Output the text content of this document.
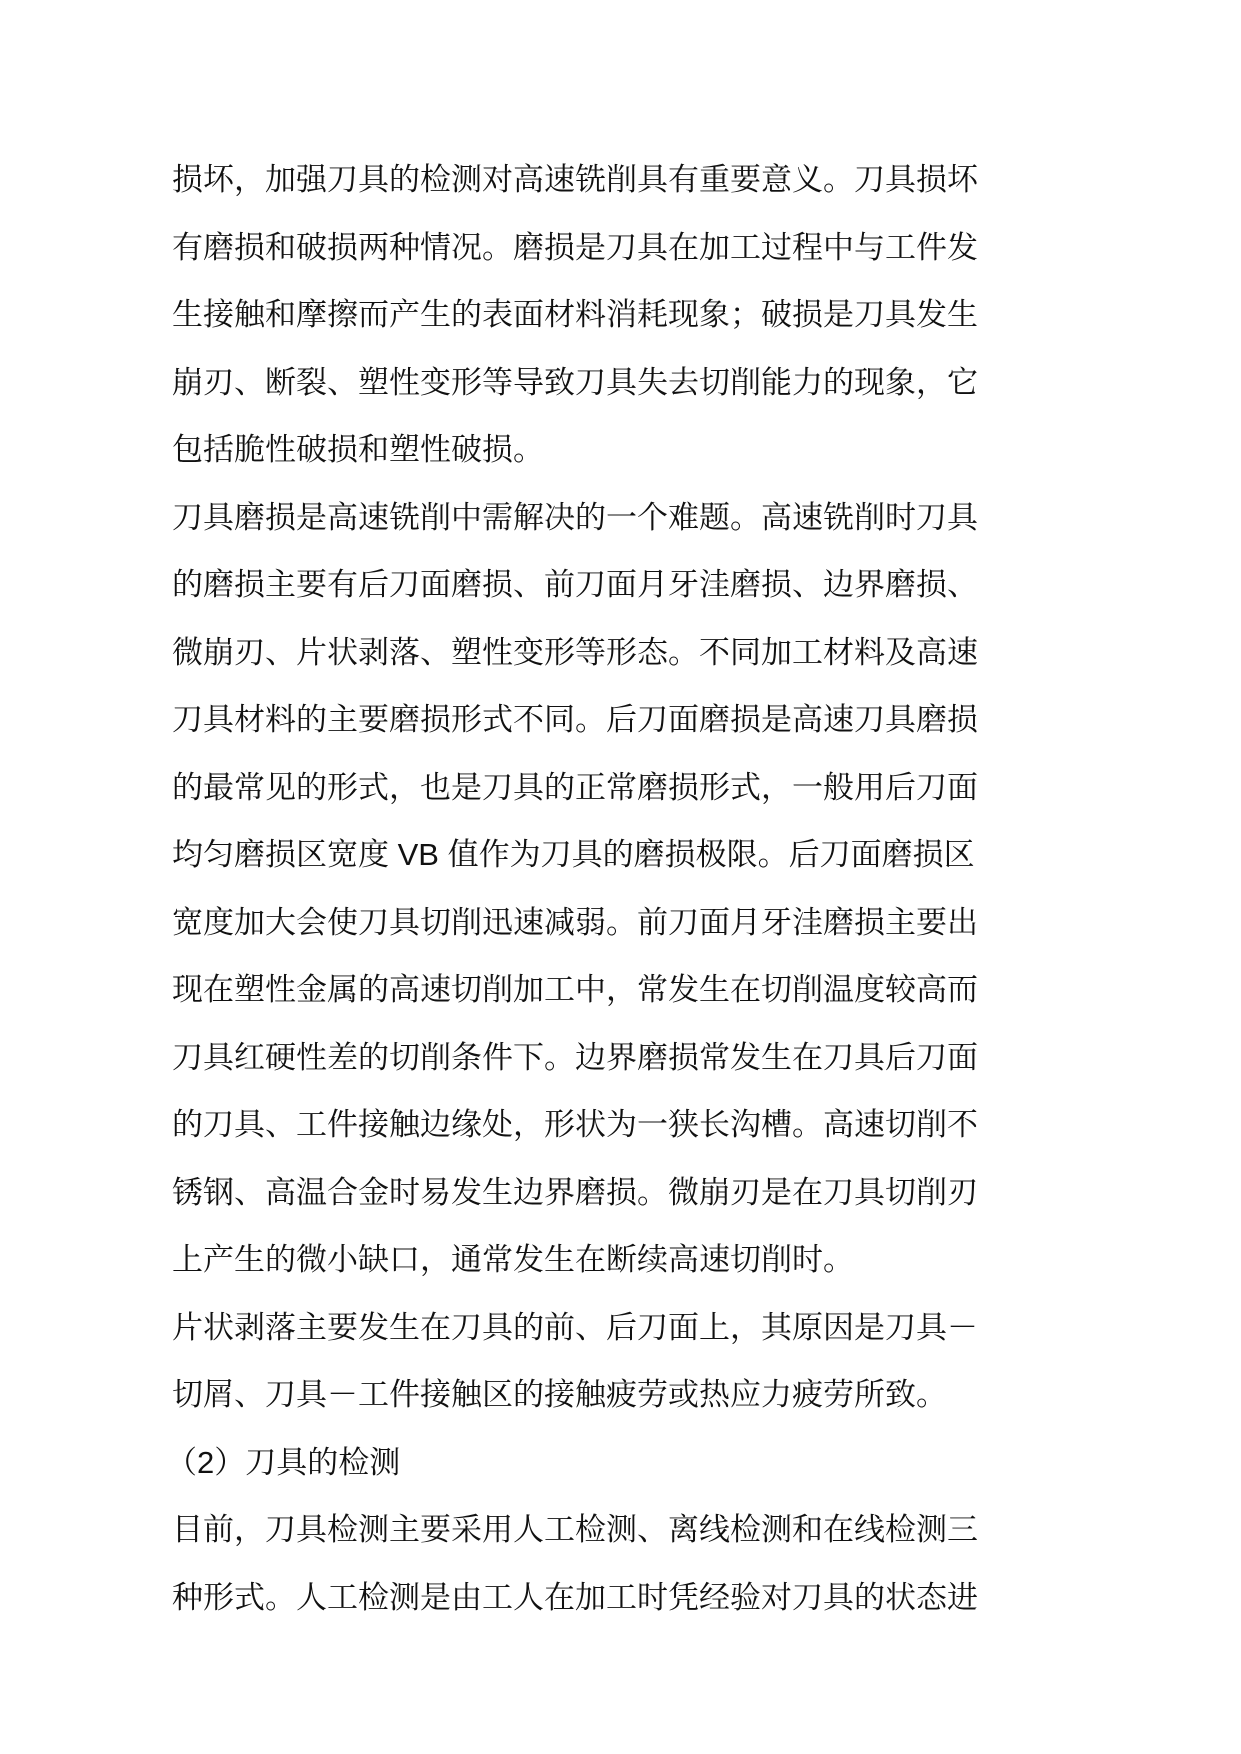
损坏，加强刀具的检测对高速铣削具有重要意义。刀具损坏
有磨损和破损两种情况。磨损是刀具在加工过程中与工件发
生接触和摩擦而产生的表面材料消耗现象；破损是刀具发生
崩刃、断裂、塑性变形等导致刀具失去切削能力的现象，它
包括脆性破损和塑性破损。
刀具磨损是高速铣削中需解决的一个难题。高速铣削时刀具
的磨损主要有后刀面磨损、前刀面月牙洼磨损、边界磨损、
微崩刃、片状剥落、塑性变形等形态。不同加工材料及高速
刀具材料的主要磨损形式不同。后刀面磨损是高速刀具磨损
的最常见的形式，也是刀具的正常磨损形式，一般用后刀面
均匀磨损区宽度 VB 值作为刀具的磨损极限。后刀面磨损区
宽度加大会使刀具切削迅速减弱。前刀面月牙洼磨损主要出
现在塑性金属的高速切削加工中，常发生在切削温度较高而
刀具红硬性差的切削条件下。边界磨损常发生在刀具后刀面
的刀具、工件接触边缘处，形状为一狭长沟槽。高速切削不
锈钢、高温合金时易发生边界磨损。微崩刃是在刀具切削刃
上产生的微小缺口，通常发生在断续高速切削时。
片状剥落主要发生在刀具的前、后刀面上，其原因是刀具－
切屑、刀具－工件接触区的接触疲劳或热应力疲劳所致。
（2）刀具的检测
目前，刀具检测主要采用人工检测、离线检测和在线检测三
种形式。人工检测是由工人在加工时凭经验对刀具的状态进
